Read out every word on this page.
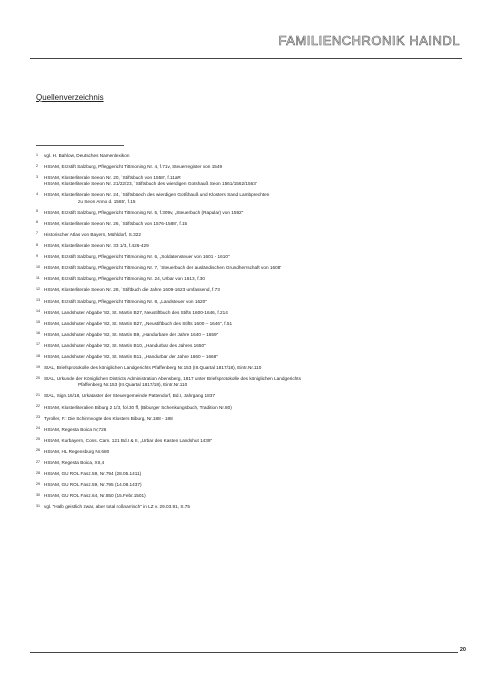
FAMILIENCHRONIK HAINDL
Quellenverzeichnis
1 vgl. H. Bahlow, Deutsches Namenlexikon
2 HStAM, Erzstift Salzburg, Pfleggericht Tittmoning Nr. 4, f.71v, Steuerregister von 1549
3 HStAM, Klosterliterale Seeon Nr. 20, `Stiftsbuch von 1558', f.11aR
HStAM, Klosterliterale Seeon Nr. 21/22/23, `Stiftsbuch des wierdigen Gotshauß Seon 1561/1562/1563'
4 HStAM, Klosterliterale Seeon Nr. 24, `Stiftsbüech des wierdigen Gotßhauß und Klosters Sand Lambprechten
zu Seon Anno d. 1565', f.15
5 HStAM, Erzstift Salzburg, Pfleggericht Tittmoning Nr. 5, f.309v, „Steuerbuch (Rapular) von 1592"
6 HStAM, Klosterliterale Seeon Nr. 26, `Stiftsbuch von 1576-1588', f.15
7 Historischer Atlas von Bayern, Mühldorf, S.322
8 HStAM, Klosterliterale Seeon Nr. 33 1/3, f.426-429
9 HStAM, Erzstift Salzburg, Pfleggericht Tittmoning Nr. 6, „Soldatensteuer von 1601 - 1610"
10 HStAM, Erzstift Salzburg, Pfleggericht Tittmoning Nr. 7, `Steuerbuch der ausländischen Grundherrschaft von 1608'
11 HStAM, Erzstift Salzburg, Pfleggericht Tittmoning Nr. 24, Urbar von 1613, f.30
12 HStAM, Klosterliterale Seeon Nr. 28, `Stiftbuch die Jahre 1609-1623 umfassend, f.73
13 HStAM, Erzstift Salzburg, Pfleggericht Tittmoning Nr. 8, „Landsteuer von 1620"
14 HStAM, Landshuter Abgabe '82, St. Martin B27, Neustiftbuch des Stifts 1600-1646, f.214
15 HStAM, Landshuter Abgabe '82, St. Martin B27, „Neustiftbuch des Stifts 1600 – 1646", f.51
16 HStAM, Landshuter Abgabe '82, St. Martin B9, „Handurbare der Jahre 1640 – 1659"
17 HStAM, Landshuter Abgabe '82, St. Martin B10, „Handurbar des Jahres 1650"
18 HStAM, Landshuter Abgabe '82, St. Martin B11, „Handurbar der Jahre 1660 – 1668"
19 StAL, Briefsprotokolle des königlichen Landgerichts Pfaffenberg Nr.153 (III.Quartal 1817/18), Eintr.Nr.110
20 StAL, Urkunde der Königlichen Districts Administration Abensberg, 1817 unter Briefsprotokolle des königlichen Landgerichts
Pfaffenberg Nr.153 (III.Quartal 1817/18), Eintr.Nr.110
21 StAL, Sign.16/18, Urkataster der Steuergemeinde Pattendorf, Bd.I, Jahrgang 1837
22 HStAM, Klosterliteralien Biburg 2 1/3, fol.30 ff, (Biburger Schenkungsbuch, Tradition Nr.80)
23 Tyroller, F.: Die Schirmvogte des Klosters Biburg, Nr.188 - 188
24 HStAM, Regesta Boica IV,726
25 HStAM, Kurbayern, Cons. Cam. 121 Bd.I & II, „Urbar des Kasten Landshut 1439"
26 HStAM, HL Regensburg Nr.680
27 HStAM, Regesta Boica, XII,4
28 HStAM, GU ROL Fasz.59, Nr.794 (28.05.1411)
29 HStAM, GU ROL Fasz.59, Nr.795 (14.08.1437)
30 HStAM, GU ROL Fasz.64, Nr.850 (15.Febr.1501)
31 vgl. "Halb geistlich zwar, aber total roßnarrisch" in LZ v. 29.03.91, S.75
20
